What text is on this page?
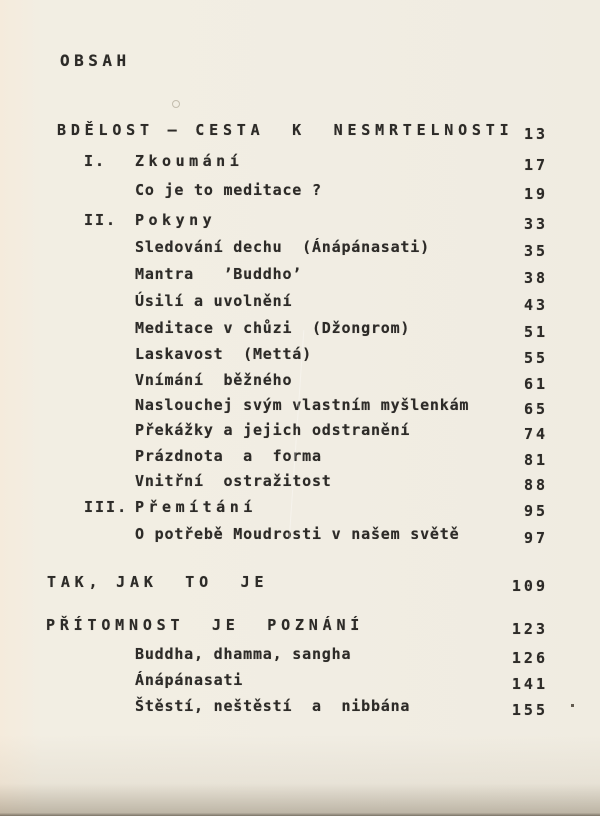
OBSAH
BDĚLOST — CESTA  K  NESMRTELNOSTI 13
I. Zkoumání	17
Co je to meditace ?	19
II. Pokyny	33
Sledování dechu  (Ánápánasati)	35
Mantra   ’Buddho’	38
Úsilí a uvolnění	43
Meditace v chůzi  (Džongrom)	51
Laskavost  (Mettá)	55
Vnímání  běžného	61
Naslouchej svým vlastním myšlenkám	65
Překážky a jejich odstranění	74
Prázdnota  a  forma	81
Vnitřní  ostražitost	88
III. Přemítání	95
O potřebě Moudrosti v našem světě	97
TAK, JAK  TO  JE	109
PŘÍTOMNOST  JE  POZNÁNÍ	123
Buddha, dhamma, sangha	126
Ánápánasati	141
Štěstí, neštěstí  a  nibbána	155
